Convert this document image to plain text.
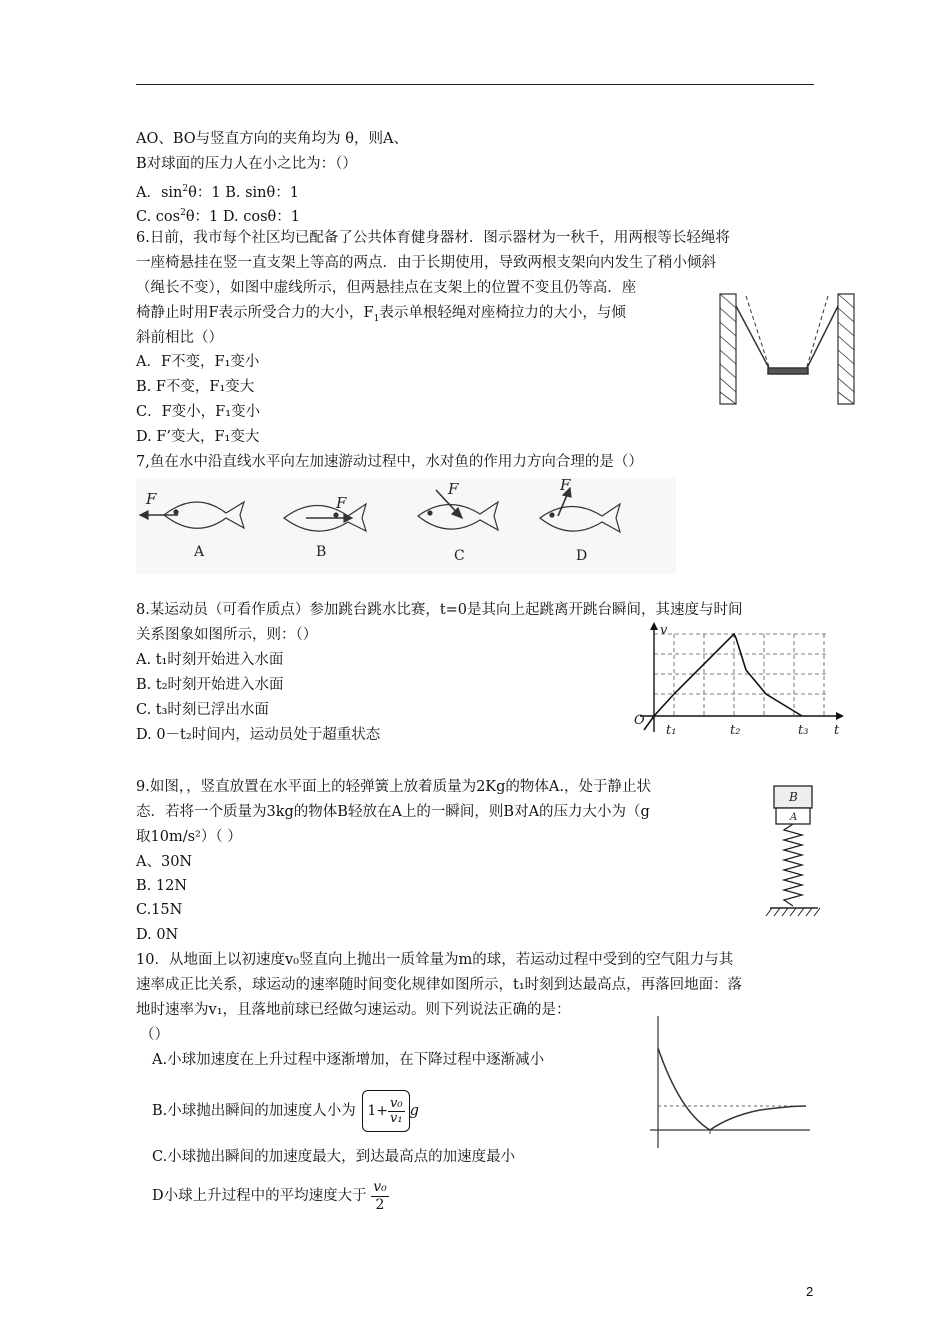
AO、BO与竖直方向的夹角均为 θ，则A、
B对球面的压力人在小之比为：（）
A．$\sin^2\theta$：1 B. sinθ：1
C. $\cos^2\theta$：1 D. cosθ：1
6.日前，我市每个社区均已配备了公共体育健身器材．图示器材为一秋千，用两根等长轻绳将
一座椅悬挂在竖一直支架上等高的两点．由于长期使用，导致两根支架向内发生了稍小倾斜
（绳长不变），如图中虚线所示，但两悬挂点在支架上的位置不变且仍等高．座
椅静止时用F表示所受合力的大小，$F_1$表示单根轻绳对座椅拉力的大小，与倾
斜前相比（）
A．F不变，F₁变小
B. F不变，F₁变大
C．F变小，F₁变小
D. F’变大，F₁变大
7,鱼在水中沿直线水平向左加速游动过程中，水对鱼的作用力方向合理的是（）
F
A
F
B
F
C
F
D
8.某运动员（可看作质点）参加跳台跳水比赛，t=0是其向上起跳离开跳台瞬间，其速度与时间
关系图象如图所示，则：（）
A. t₁时刻开始进入水面
B. t₂时刻开始进入水面
C. t₃时刻已浮出水面
D. 0－t₂时间内，运动员处于超重状态
v
O
t
t₁	t₂	t₃
9.如图，，竖直放置在水平面上的轻弹簧上放着质量为2Kg的物体A.，处于静止状
态．若将一个质量为3kg的物体B轻放在A上的一瞬间，则B对A的压力大小为（g
取10m/s²）（ ）
A、30N
B. 12N
C.15N
D. 0N
B
A
10．从地面上以初速度v₀竖直向上抛出一质耸量为m的球，若运动过程中受到的空气阻力与其
速率成正比关系，球运动的速率随时间变化规律如图所示，t₁时刻到达最高点，再落回地面：落
地时速率为v₁，且落地前球已经做匀速运动。则下列说法正确的是：
（）
A.小球加速度在上升过程中逐渐增加，在下降过程中逐渐减小
B.小球抛出瞬间的加速度人小为 $1+ \frac{\text{v₀}}{\text{v₁}}$ g
C.小球抛出瞬间的加速度最大，到达最高点的加速度最小
D小球上升过程中的平均速度大于 $\frac{\text{v₀}}{2}$
2
